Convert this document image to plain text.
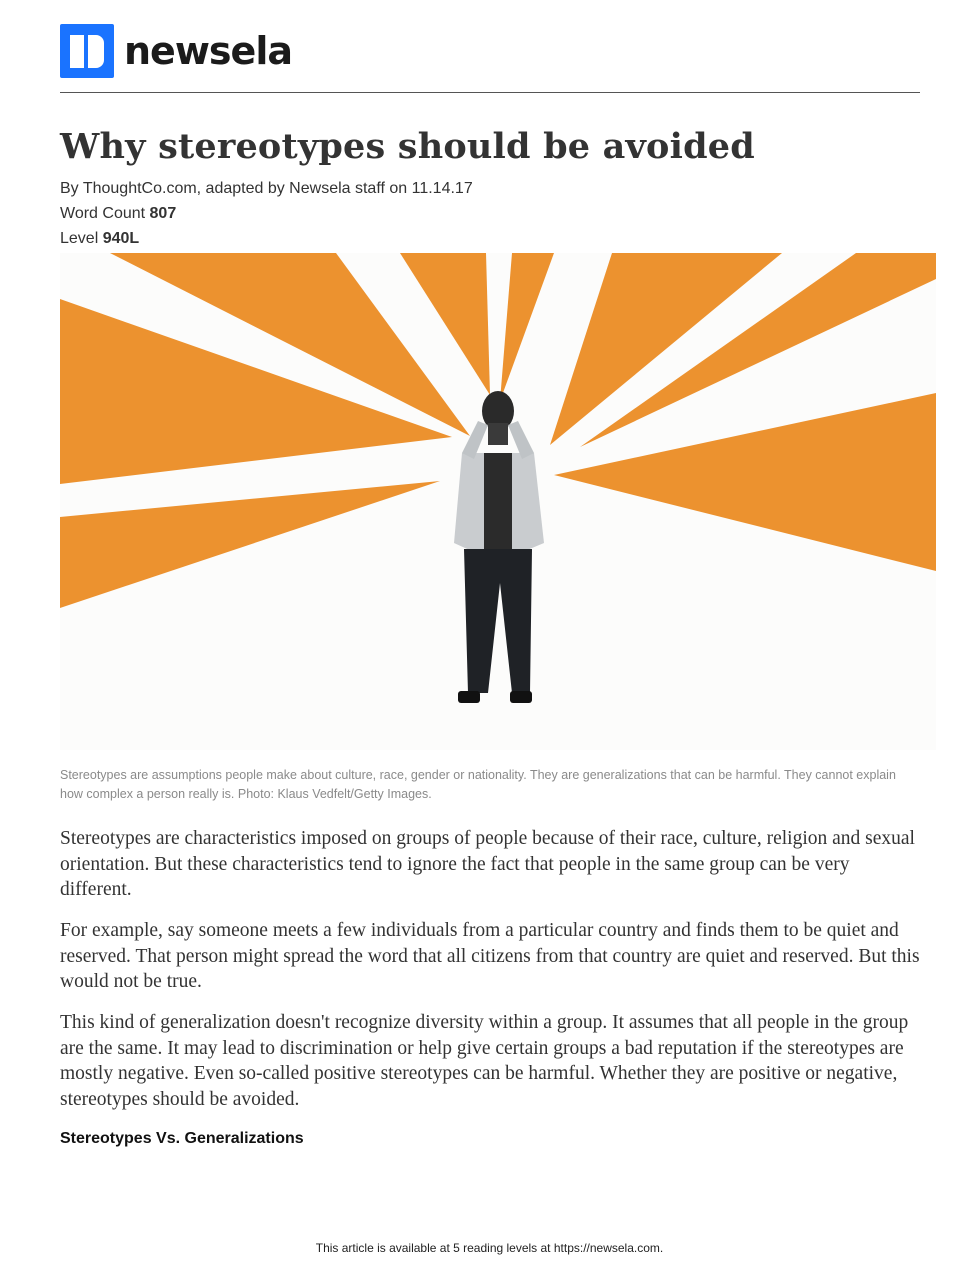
newsela
Why stereotypes should be avoided
By ThoughtCo.com, adapted by Newsela staff on 11.14.17
Word Count 807
Level 940L

Stereotypes are assumptions people make about culture, race, gender or nationality. They are generalizations that can be harmful. They cannot explain how complex a person really is. Photo: Klaus Vedfelt/Getty Images.

Stereotypes are characteristics imposed on groups of people because of their race, culture, religion and sexual orientation. But these characteristics tend to ignore the fact that people in the same group can be very different.

For example, say someone meets a few individuals from a particular country and finds them to be quiet and reserved. That person might spread the word that all citizens from that country are quiet and reserved. But this would not be true.

This kind of generalization doesn't recognize diversity within a group. It assumes that all people in the group are the same. It may lead to discrimination or help give certain groups a bad reputation if the stereotypes are mostly negative. Even so-called positive stereotypes can be harmful. Whether they are positive or negative, stereotypes should be avoided.

Stereotypes Vs. Generalizations
This article is available at 5 reading levels at https://newsela.com.
